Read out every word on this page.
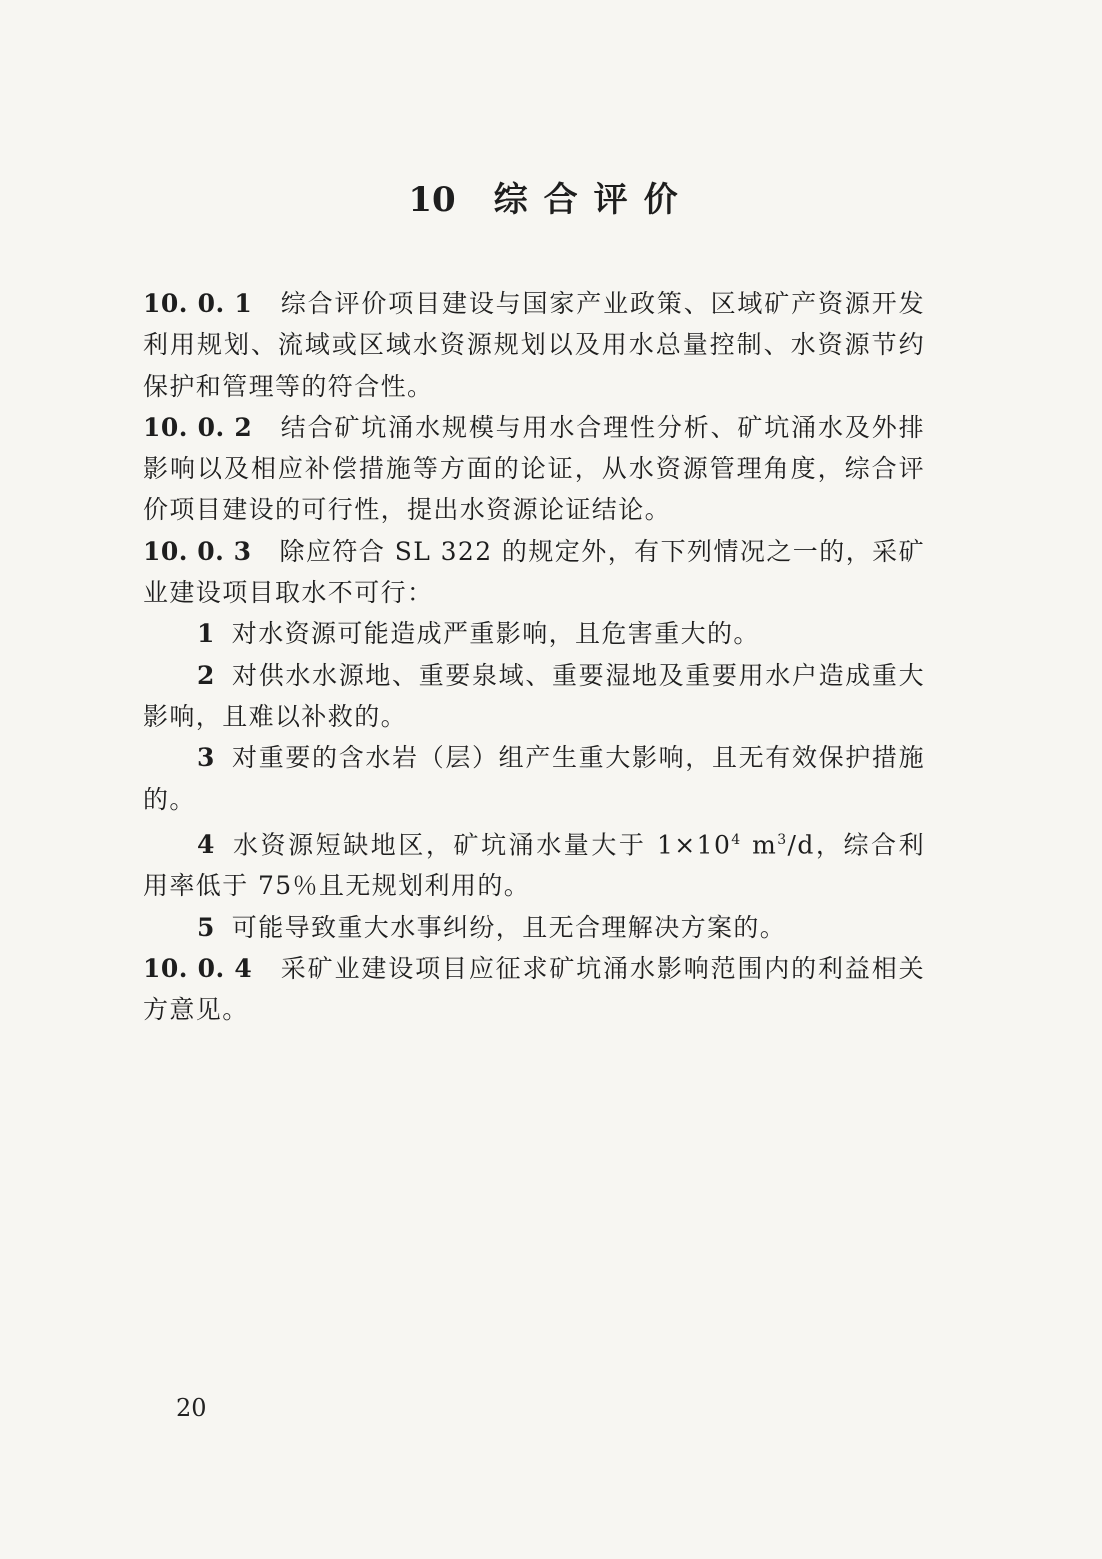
10 综合评价

10. 0. 1 综合评价项目建设与国家产业政策、区域矿产资源开发利用规划、流域或区域水资源规划以及用水总量控制、水资源节约保护和管理等的符合性。

10. 0. 2 结合矿坑涌水规模与用水合理性分析、矿坑涌水及外排影响以及相应补偿措施等方面的论证，从水资源管理角度，综合评价项目建设的可行性，提出水资源论证结论。

10. 0. 3 除应符合 SL 322 的规定外，有下列情况之一的，采矿业建设项目取水不可行：

1 对水资源可能造成严重影响，且危害重大的。

2 对供水水源地、重要泉域、重要湿地及重要用水户造成重大影响，且难以补救的。

3 对重要的含水岩（层）组产生重大影响，且无有效保护措施的。

4 水资源短缺地区，矿坑涌水量大于 $1\times 10^4$ $m^3/d$，综合利用率低于 75％且无规划利用的。

5 可能导致重大水事纠纷，且无合理解决方案的。

10. 0. 4 采矿业建设项目应征求矿坑涌水影响范围内的利益相关方意见。

20
